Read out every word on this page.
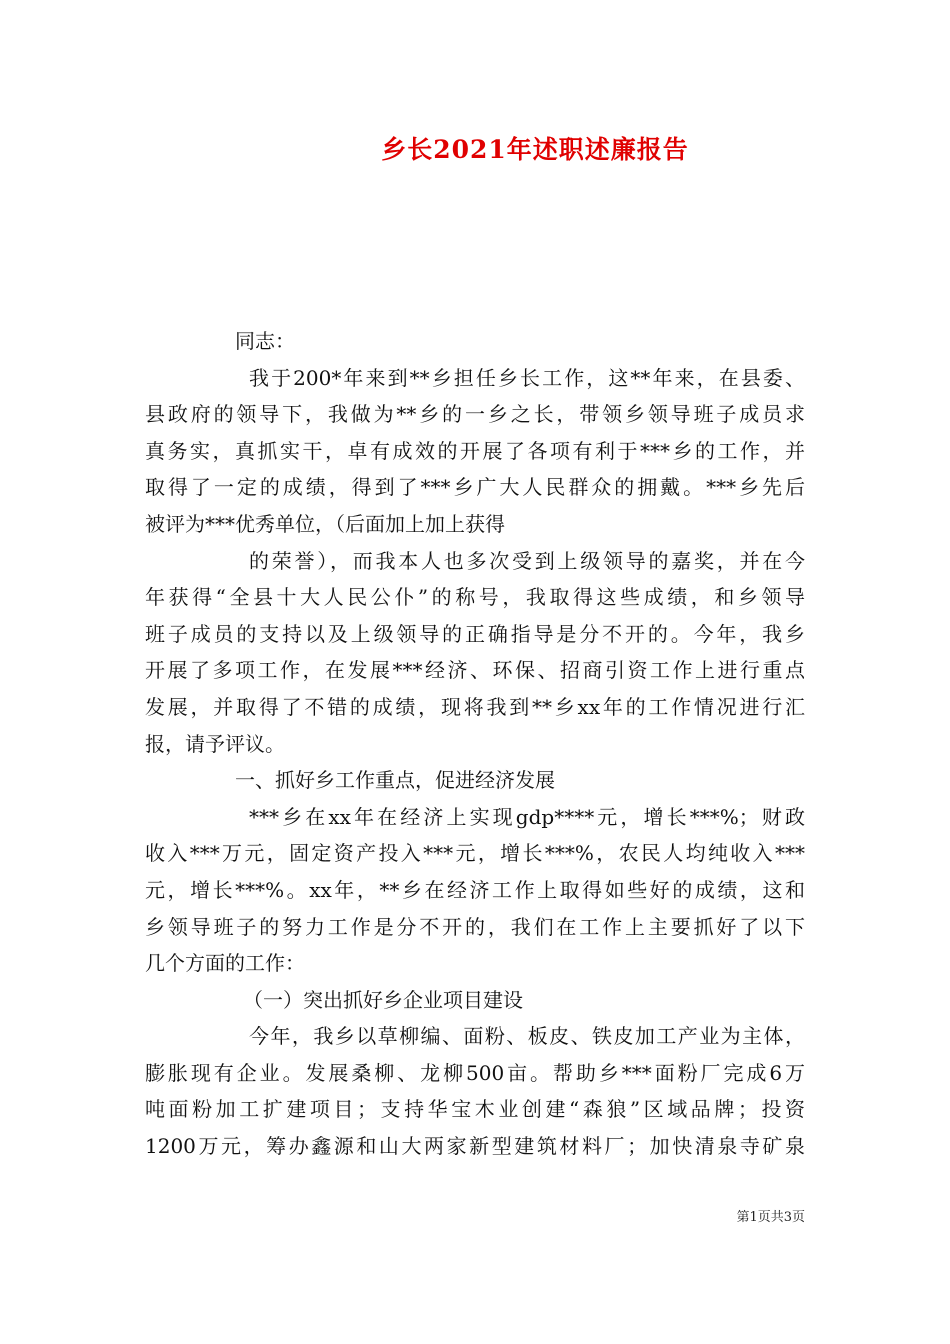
乡长2021年述职述廉报告
同志：
我于200*年来到**乡担任乡长工作，这**年来，在县委、
县政府的领导下，我做为**乡的一乡之长，带领乡领导班子成员求
真务实，真抓实干，卓有成效的开展了各项有利于***乡的工作，并
取得了一定的成绩，得到了***乡广大人民群众的拥戴。***乡先后
被评为***优秀单位，（后面加上加上获得
的荣誉），而我本人也多次受到上级领导的嘉奖，并在今
年获得“全县十大人民公仆”的称号，我取得这些成绩，和乡领导
班子成员的支持以及上级领导的正确指导是分不开的。今年，我乡
开展了多项工作，在发展***经济、环保、招商引资工作上进行重点
发展，并取得了不错的成绩，现将我到**乡xx年的工作情况进行汇
报，请予评议。
一、抓好乡工作重点，促进经济发展
***乡在xx年在经济上实现gdp****元，增长***%；财政
收入***万元，固定资产投入***元，增长***%，农民人均纯收入***
元，增长***%。xx年，**乡在经济工作上取得如些好的成绩，这和
乡领导班子的努力工作是分不开的，我们在工作上主要抓好了以下
几个方面的工作：
（一）突出抓好乡企业项目建设
今年，我乡以草柳编、面粉、板皮、铁皮加工产业为主体，
膨胀现有企业。发展桑柳、龙柳500亩。帮助乡***面粉厂完成6万
吨面粉加工扩建项目；支持华宝木业创建“森狼”区域品牌；投资
1200万元，筹办鑫源和山大两家新型建筑材料厂；加快清泉寺矿泉
第1页共3页
